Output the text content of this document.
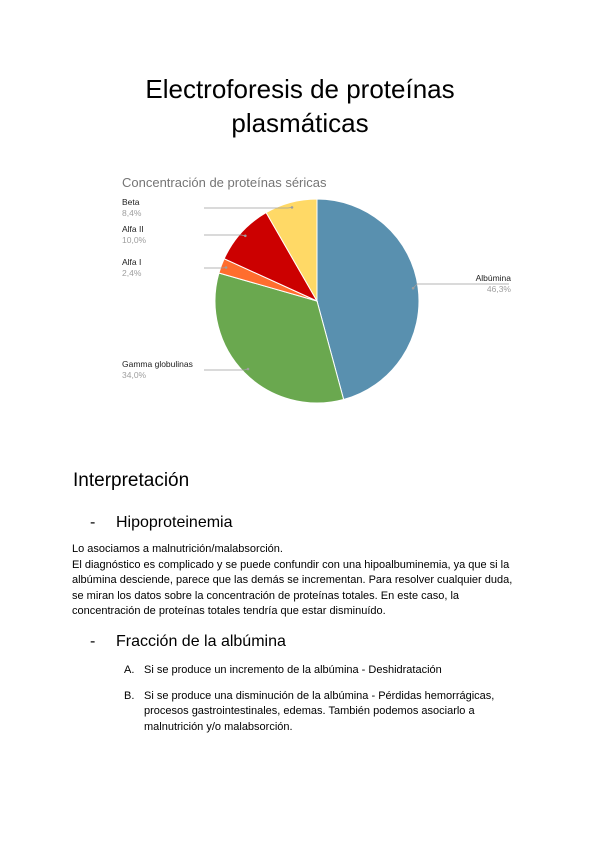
Electroforesis de proteínas
plasmáticas
Concentración de proteínas séricas
Albúmina
46,3%
Gamma globulinas
34,0%
Alfa I
2,4%
Alfa II
10,0%
Beta
8,4%
Interpretación
-	Hipoproteinemia

Lo asociamos a malnutrición/malabsorción.
El diagnóstico es complicado y se puede confundir con una hipoalbuminemia, ya que si la
albúmina desciende, parece que las demás se incrementan. Para resolver cualquier duda,
se miran los datos sobre la concentración de proteínas totales. En este caso, la
concentración de proteínas totales tendría que estar disminuído.

-	Fracción de la albúmina
A. Si se produce un incremento de la albúmina - Deshidratación
B. Si se produce una disminución de la albúmina - Pérdidas hemorrágicas, procesos gastrointestinales, edemas. También podemos asociarlo a malnutrición y/o malabsorción.
